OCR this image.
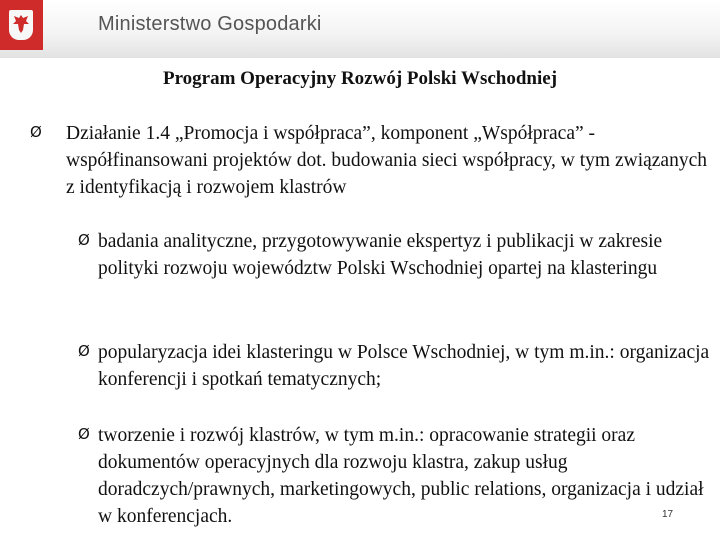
Ministerstwo Gospodarki
Program Operacyjny Rozwój Polski Wschodniej
Ø Działanie 1.4 „Promocja i współpraca”, komponent „Współpraca” - współfinansowani projektów dot. budowania sieci współpracy, w tym związanych z identyfikacją i rozwojem klastrów

Ø badania analityczne, przygotowywanie ekspertyz i publikacji w zakresie polityki rozwoju województw Polski Wschodniej opartej na klasteringu

Ø popularyzacja idei klasteringu w Polsce Wschodniej, w tym m.in.: organizacja konferencji i spotkań tematycznych;

Ø tworzenie i rozwój klastrów, w tym m.in.: opracowanie strategii oraz dokumentów operacyjnych dla rozwoju klastra, zakup usług doradczych/prawnych, marketingowych, public relations, organizacja i udział w konferencjach.	17
